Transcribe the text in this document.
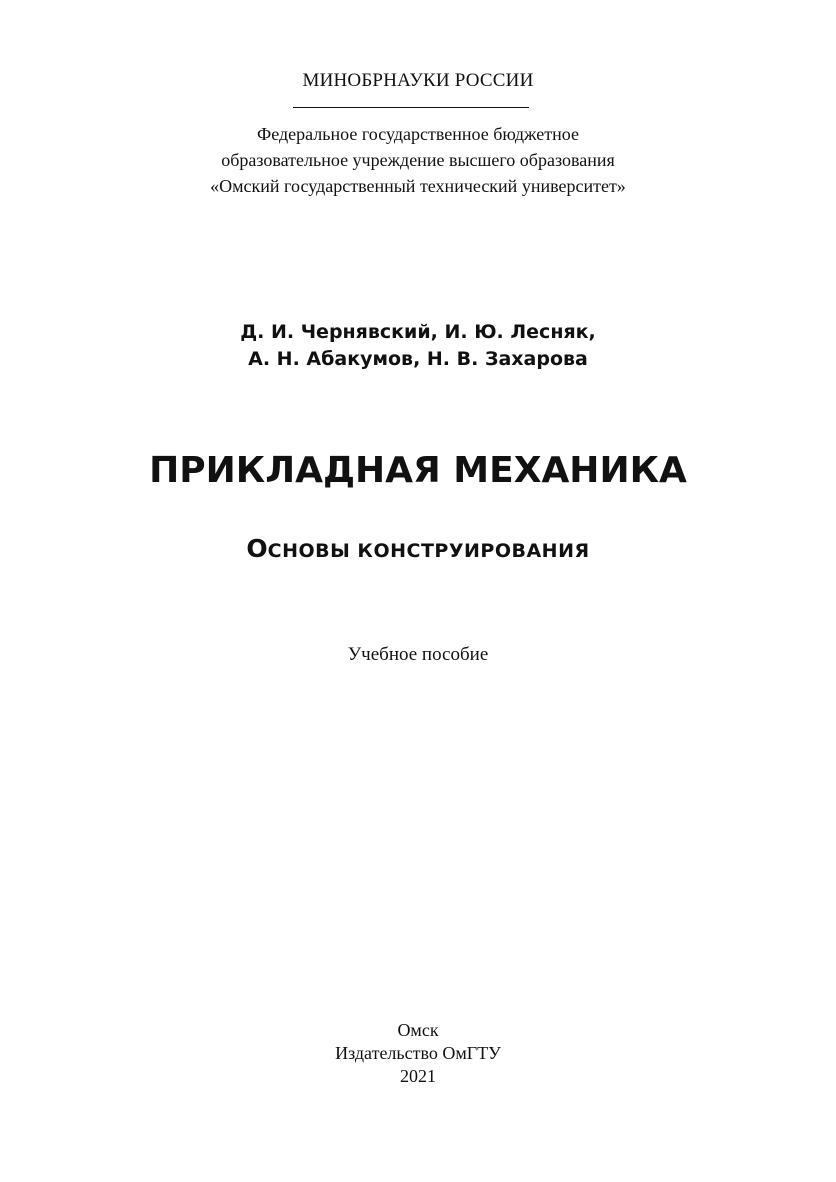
МИНОБРНАУКИ РОССИИ
Федеральное государственное бюджетное
образовательное учреждение высшего образования
«Омский государственный технический университет»
Д. И. Чернявский, И. Ю. Лесняк,
А. Н. Абакумов, Н. В. Захарова
ПРИКЛАДНАЯ МЕХАНИКА
ОСНОВЫ КОНСТРУИРОВАНИЯ
Учебное пособие
Омск
Издательство ОмГТУ
2021
